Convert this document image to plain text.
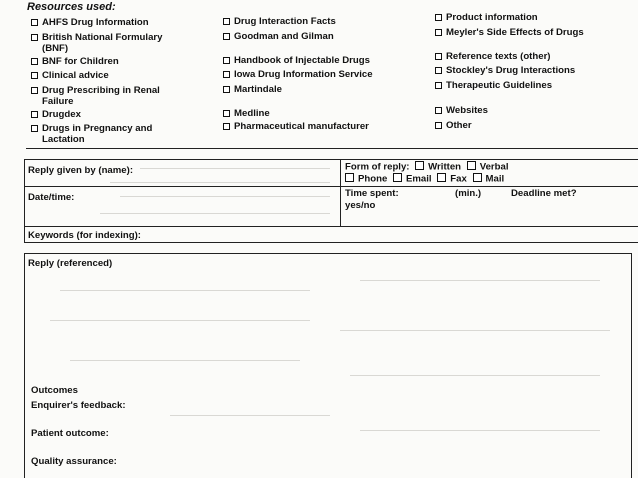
Resources used:
AHFS Drug Information
British National Formulary
(BNF)
BNF for Children
Clinical advice
Drug Prescribing in Renal
Failure
Drugdex
Drugs in Pregnancy and
Lactation
Drug Interaction Facts
Goodman and Gilman
Handbook of Injectable Drugs
Iowa Drug Information Service
Martindale
Medline
Pharmaceutical manufacturer
Product information
Meyler's Side Effects of Drugs
Reference texts (other)
Stockley's Drug Interactions
Therapeutic Guidelines
Websites
Other
Reply given by (name):
Date/time:
Keywords (for indexing):
Form of reply: Written Verbal
Phone Email Fax Mail
Time spent:	(min.)	Deadline met?
yes/no
Reply (referenced)
Outcomes
Enquirer's feedback:
Patient outcome:
Quality assurance:
